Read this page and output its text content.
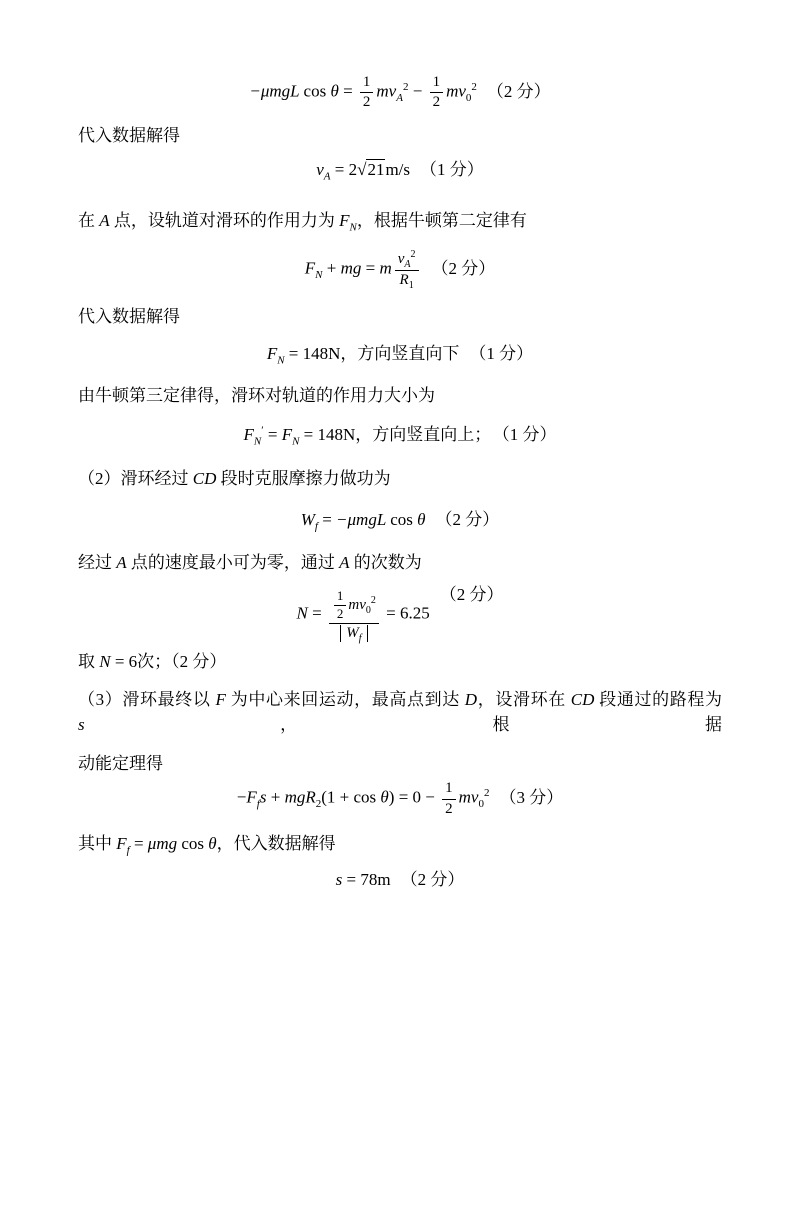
−μmgL $\cos \theta = \frac{1}{2} mv_A^2 - \frac{1}{2} mv_0^2$ （2 分）

代入数据解得

$v_A = 2√21m/s$ （1 分）

在 A 点，设轨道对滑环的作用力为 $F_N$，根据牛顿第二定律有

$F_N$ + mg = m $\frac{v_A^2}{R_1} (2$ 分）

代入数据解得

$F_N = 148N$，方向竖直向下 （1 分）

由牛顿第三定律得，滑环对轨道的作用力大小为

$F_N' = F_N = 148N$，方向竖直向上； （1 分）

（2）滑环经过 CD 段时克服摩擦力做功为

$W_f = -\mu mgL$ cos θ （2 分）

经过 A 点的速度最小可为零，通过 A 的次数为

$N = \frac{\frac{1}{2} mv_0^2}{W_f} = 6.25(2$ 分）

取 N = 6次；（2 分）

（3）滑环最终以 F 为中心来回运动，最高点到达 D，设滑环在 CD 段通过的路程为 s，根据

动能定理得

$-F_fs + mgR_2(1 + \cos \theta) = 0 - \frac{1}{2} mv_0^2$ （3 分）

其中 $F_f = \mu mg$ cos θ，代入数据解得

s = 78m （2 分）
